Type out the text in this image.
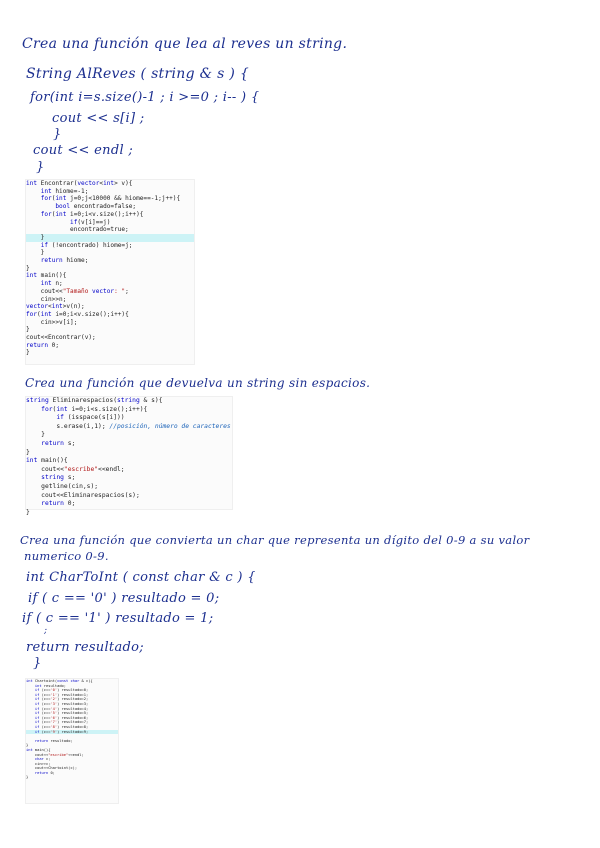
Crea una función que lea al reves un string.

String AlReves ( string & s ) {

for(int i=s.size()-1 ; i >=0 ; i-- ) {

cout << s[i] ;

}

cout << endl ;

}

int Encontrar(vector<int> v){
int hiome=-1;
for(int j=0;j<10000 && hiome==-1;j++){
bool encontrado=false;
for(int i=0;i<v.size();i++){
if(v[i]==j)
encontrado=true;
}
if (!encontrado) hiome=j;
}
return hiome;
}
int main(){
int n;
cout<<"Tamaño vector: ";
cin>>n;
vector<int>v(n);
for(int i=0;i<v.size();i++){
cin>>v[i];
}
cout<<Encontrar(v);
return 0;
}

Crea una función que devuelva un string sin espacios.

string Eliminarespacios(string & s){
for(int i=0;i<s.size();i++){
if (isspace(s[i]))
s.erase(i,1); //posición, número de caracteres
}
return s;
}
int main(){
cout<<"escribe"<<endl;
string s;
getline(cin,s);
cout<<Eliminarespacios(s);
return 0;
}

Crea una función que convierta un char que representa un dígito del 0-9 a su valor

numerico 0-9.

int CharToInt ( const char & c ) {

if ( c == '0' ) resultado = 0;

if ( c == '1' ) resultado = 1;

;

return resultado;

}

int Chartoint(const char & c){
int resultado;
if (c=='0') resultado=0;
if (c=='1') resultado=1;
if (c=='2') resultado=2;
if (c=='3') resultado=3;
if (c=='4') resultado=4;
if (c=='5') resultado=5;
if (c=='6') resultado=6;
if (c=='7') resultado=7;
if (c=='8') resultado=8;
if (c=='9') resultado=9;

return resultado;
}
int main(){
cout<<"escribe"<<endl;
char c;
cin>>c;
cout<<Chartoint(c);
return 0;
}
